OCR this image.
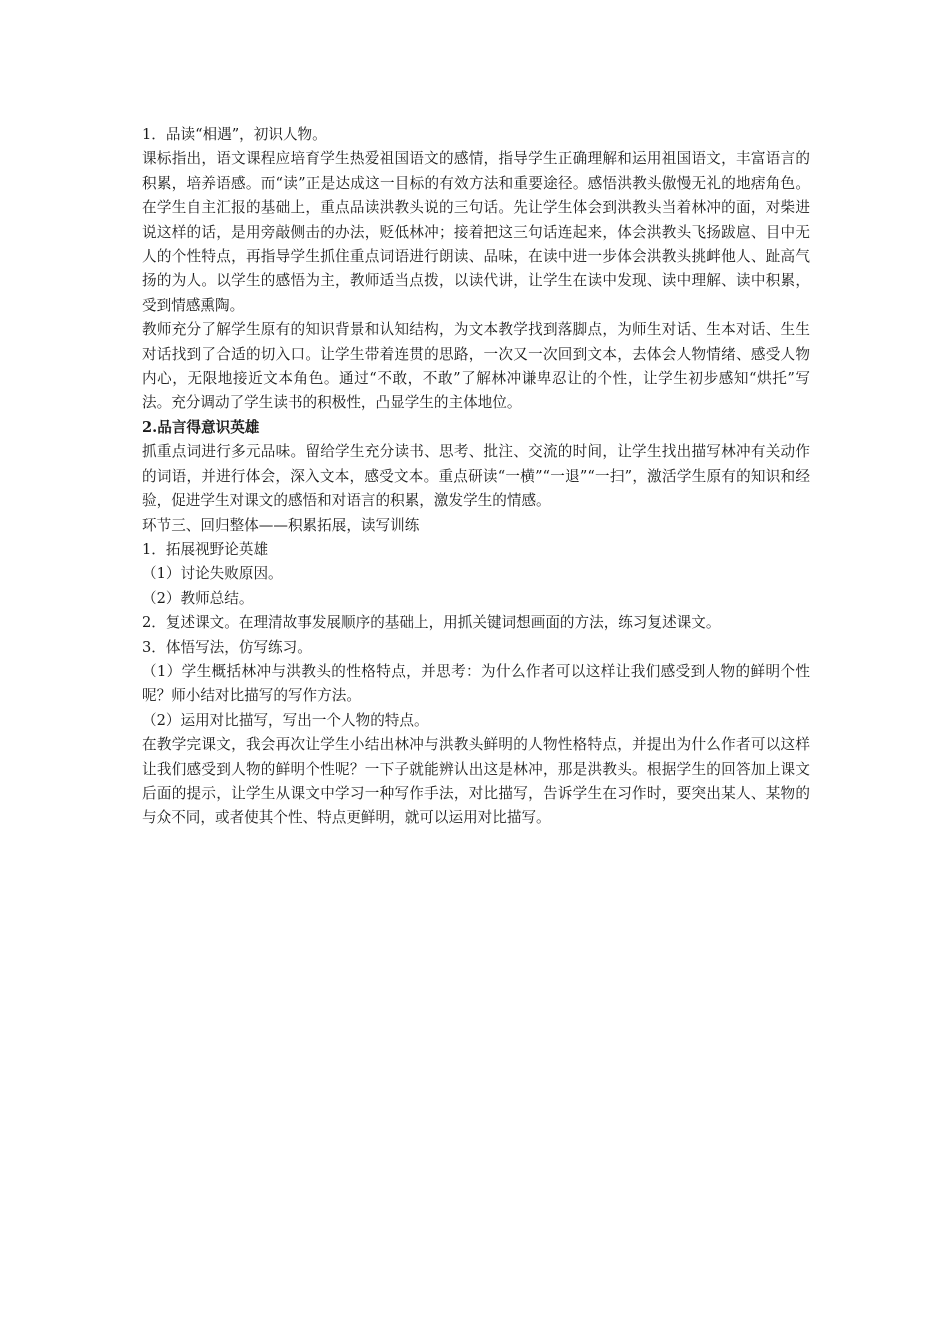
1．品读“相遇”，初识人物。

课标指出，语文课程应培育学生热爱祖国语文的感情，指导学生正确理解和运用祖国语文，丰富语言的积累，培养语感。而“读”正是达成这一目标的有效方法和重要途径。感悟洪教头傲慢无礼的地痞角色。在学生自主汇报的基础上，重点品读洪教头说的三句话。先让学生体会到洪教头当着林冲的面，对柴进说这样的话，是用旁敲侧击的办法，贬低林冲；接着把这三句话连起来，体会洪教头飞扬跋扈、目中无人的个性特点，再指导学生抓住重点词语进行朗读、品味，在读中进一步体会洪教头挑衅他人、趾高气扬的为人。以学生的感悟为主，教师适当点拨，以读代讲，让学生在读中发现、读中理解、读中积累，受到情感熏陶。

教师充分了解学生原有的知识背景和认知结构，为文本教学找到落脚点，为师生对话、生本对话、生生对话找到了合适的切入口。让学生带着连贯的思路，一次又一次回到文本，去体会人物情绪、感受人物内心，无限地接近文本角色。通过“不敢，不敢”了解林冲谦卑忍让的个性，让学生初步感知“烘托”写法。充分调动了学生读书的积极性，凸显学生的主体地位。

2.品言得意识英雄

抓重点词进行多元品味。留给学生充分读书、思考、批注、交流的时间，让学生找出描写林冲有关动作的词语，并进行体会，深入文本，感受文本。重点研读“一横”“一退”“一扫”，激活学生原有的知识和经验，促进学生对课文的感悟和对语言的积累，激发学生的情感。

环节三、回归整体——积累拓展，读写训练

1．拓展视野论英雄

（1）讨论失败原因。

（2）教师总结。

2．复述课文。在理清故事发展顺序的基础上，用抓关键词想画面的方法，练习复述课文。

3．体悟写法，仿写练习。

（1）学生概括林冲与洪教头的性格特点，并思考：为什么作者可以这样让我们感受到人物的鲜明个性呢？师小结对比描写的写作方法。

（2）运用对比描写，写出一个人物的特点。

在教学完课文，我会再次让学生小结出林冲与洪教头鲜明的人物性格特点，并提出为什么作者可以这样让我们感受到人物的鲜明个性呢？一下子就能辨认出这是林冲，那是洪教头。根据学生的回答加上课文后面的提示，让学生从课文中学习一种写作手法，对比描写，告诉学生在习作时，要突出某人、某物的与众不同，或者使其个性、特点更鲜明，就可以运用对比描写。
